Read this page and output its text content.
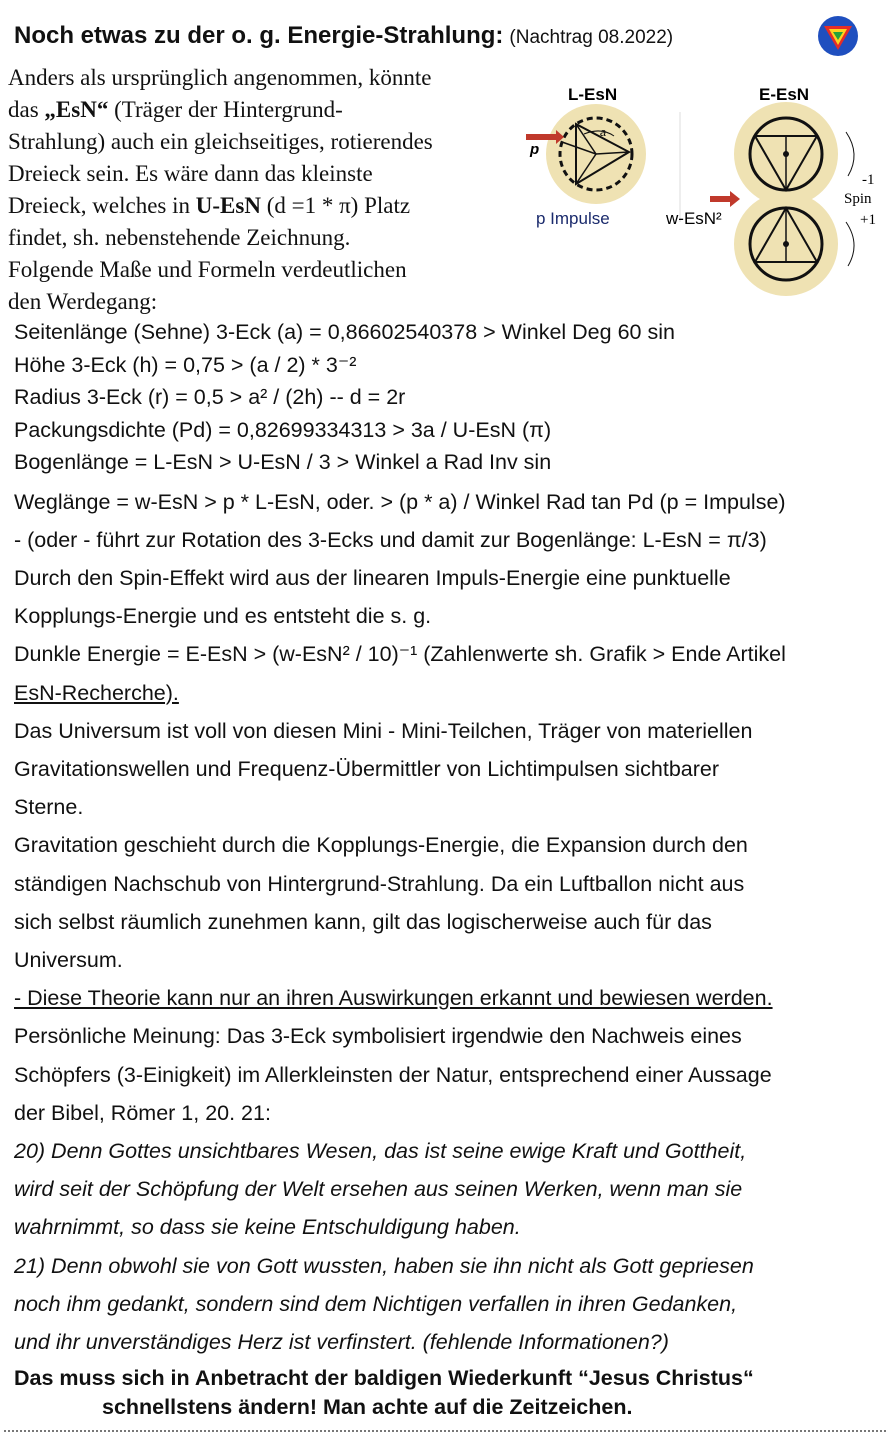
Noch etwas zu der o. g. Energie-Strahlung: (Nachtrag 08.2022)
Anders als ursprünglich angenommen, könnte
das „EsN“ (Träger der Hintergrund-
Strahlung) auch ein gleichseitiges, rotierendes
Dreieck sein. Es wäre dann das kleinste
Dreieck, welches in U-EsN (d =1 * π) Platz
findet, sh. nebenstehende Zeichnung.
Folgende Maße und Formeln verdeutlichen
den Werdegang:
a
p
L-EsN
p Impulse
E-EsN
w-EsN²
-1
Spin
+1
Seitenlänge (Sehne) 3-Eck (a) = 0,86602540378 > Winkel Deg 60 sin
Höhe 3-Eck (h) = 0,75 > (a / 2) * 3⁻²
Radius 3-Eck (r) = 0,5 > a² / (2h) -- d = 2r
Packungsdichte (Pd) = 0,82699334313 > 3a / U-EsN (π)
Bogenlänge = L-EsN > U-EsN / 3 > Winkel a Rad Inv sin
Weglänge = w-EsN > p * L-EsN, oder. > (p * a) / Winkel Rad tan Pd (p = Impulse)
- (oder - führt zur Rotation des 3-Ecks und damit zur Bogenlänge: L-EsN = π/3)
Durch den Spin-Effekt wird aus der linearen Impuls-Energie eine punktuelle
Kopplungs-Energie und es entsteht die s. g.
Dunkle Energie = E-EsN > (w-EsN² / 10)⁻¹ (Zahlenwerte sh. Grafik > Ende Artikel
EsN-Recherche).
Das Universum ist voll von diesen Mini - Mini-Teilchen, Träger von materiellen
Gravitationswellen und Frequenz-Übermittler von Lichtimpulsen sichtbarer
Sterne.
Gravitation geschieht durch die Kopplungs-Energie, die Expansion durch den
ständigen Nachschub von Hintergrund-Strahlung. Da ein Luftballon nicht aus
sich selbst räumlich zunehmen kann, gilt das logischerweise auch für das
Universum.
- Diese Theorie kann nur an ihren Auswirkungen erkannt und bewiesen werden.
Persönliche Meinung: Das 3-Eck symbolisiert irgendwie den Nachweis eines
Schöpfers (3-Einigkeit) im Allerkleinsten der Natur, entsprechend einer Aussage
der Bibel, Römer 1, 20. 21:
20) Denn Gottes unsichtbares Wesen, das ist seine ewige Kraft und Gottheit,
wird seit der Schöpfung der Welt ersehen aus seinen Werken, wenn man sie
wahrnimmt, so dass sie keine Entschuldigung haben.
21) Denn obwohl sie von Gott wussten, haben sie ihn nicht als Gott gepriesen
noch ihm gedankt, sondern sind dem Nichtigen verfallen in ihren Gedanken,
und ihr unverständiges Herz ist verfinstert. (fehlende Informationen?)
Das muss sich in Anbetracht der baldigen Wiederkunft “Jesus Christus“
schnellstens ändern! Man achte auf die Zeitzeichen.
